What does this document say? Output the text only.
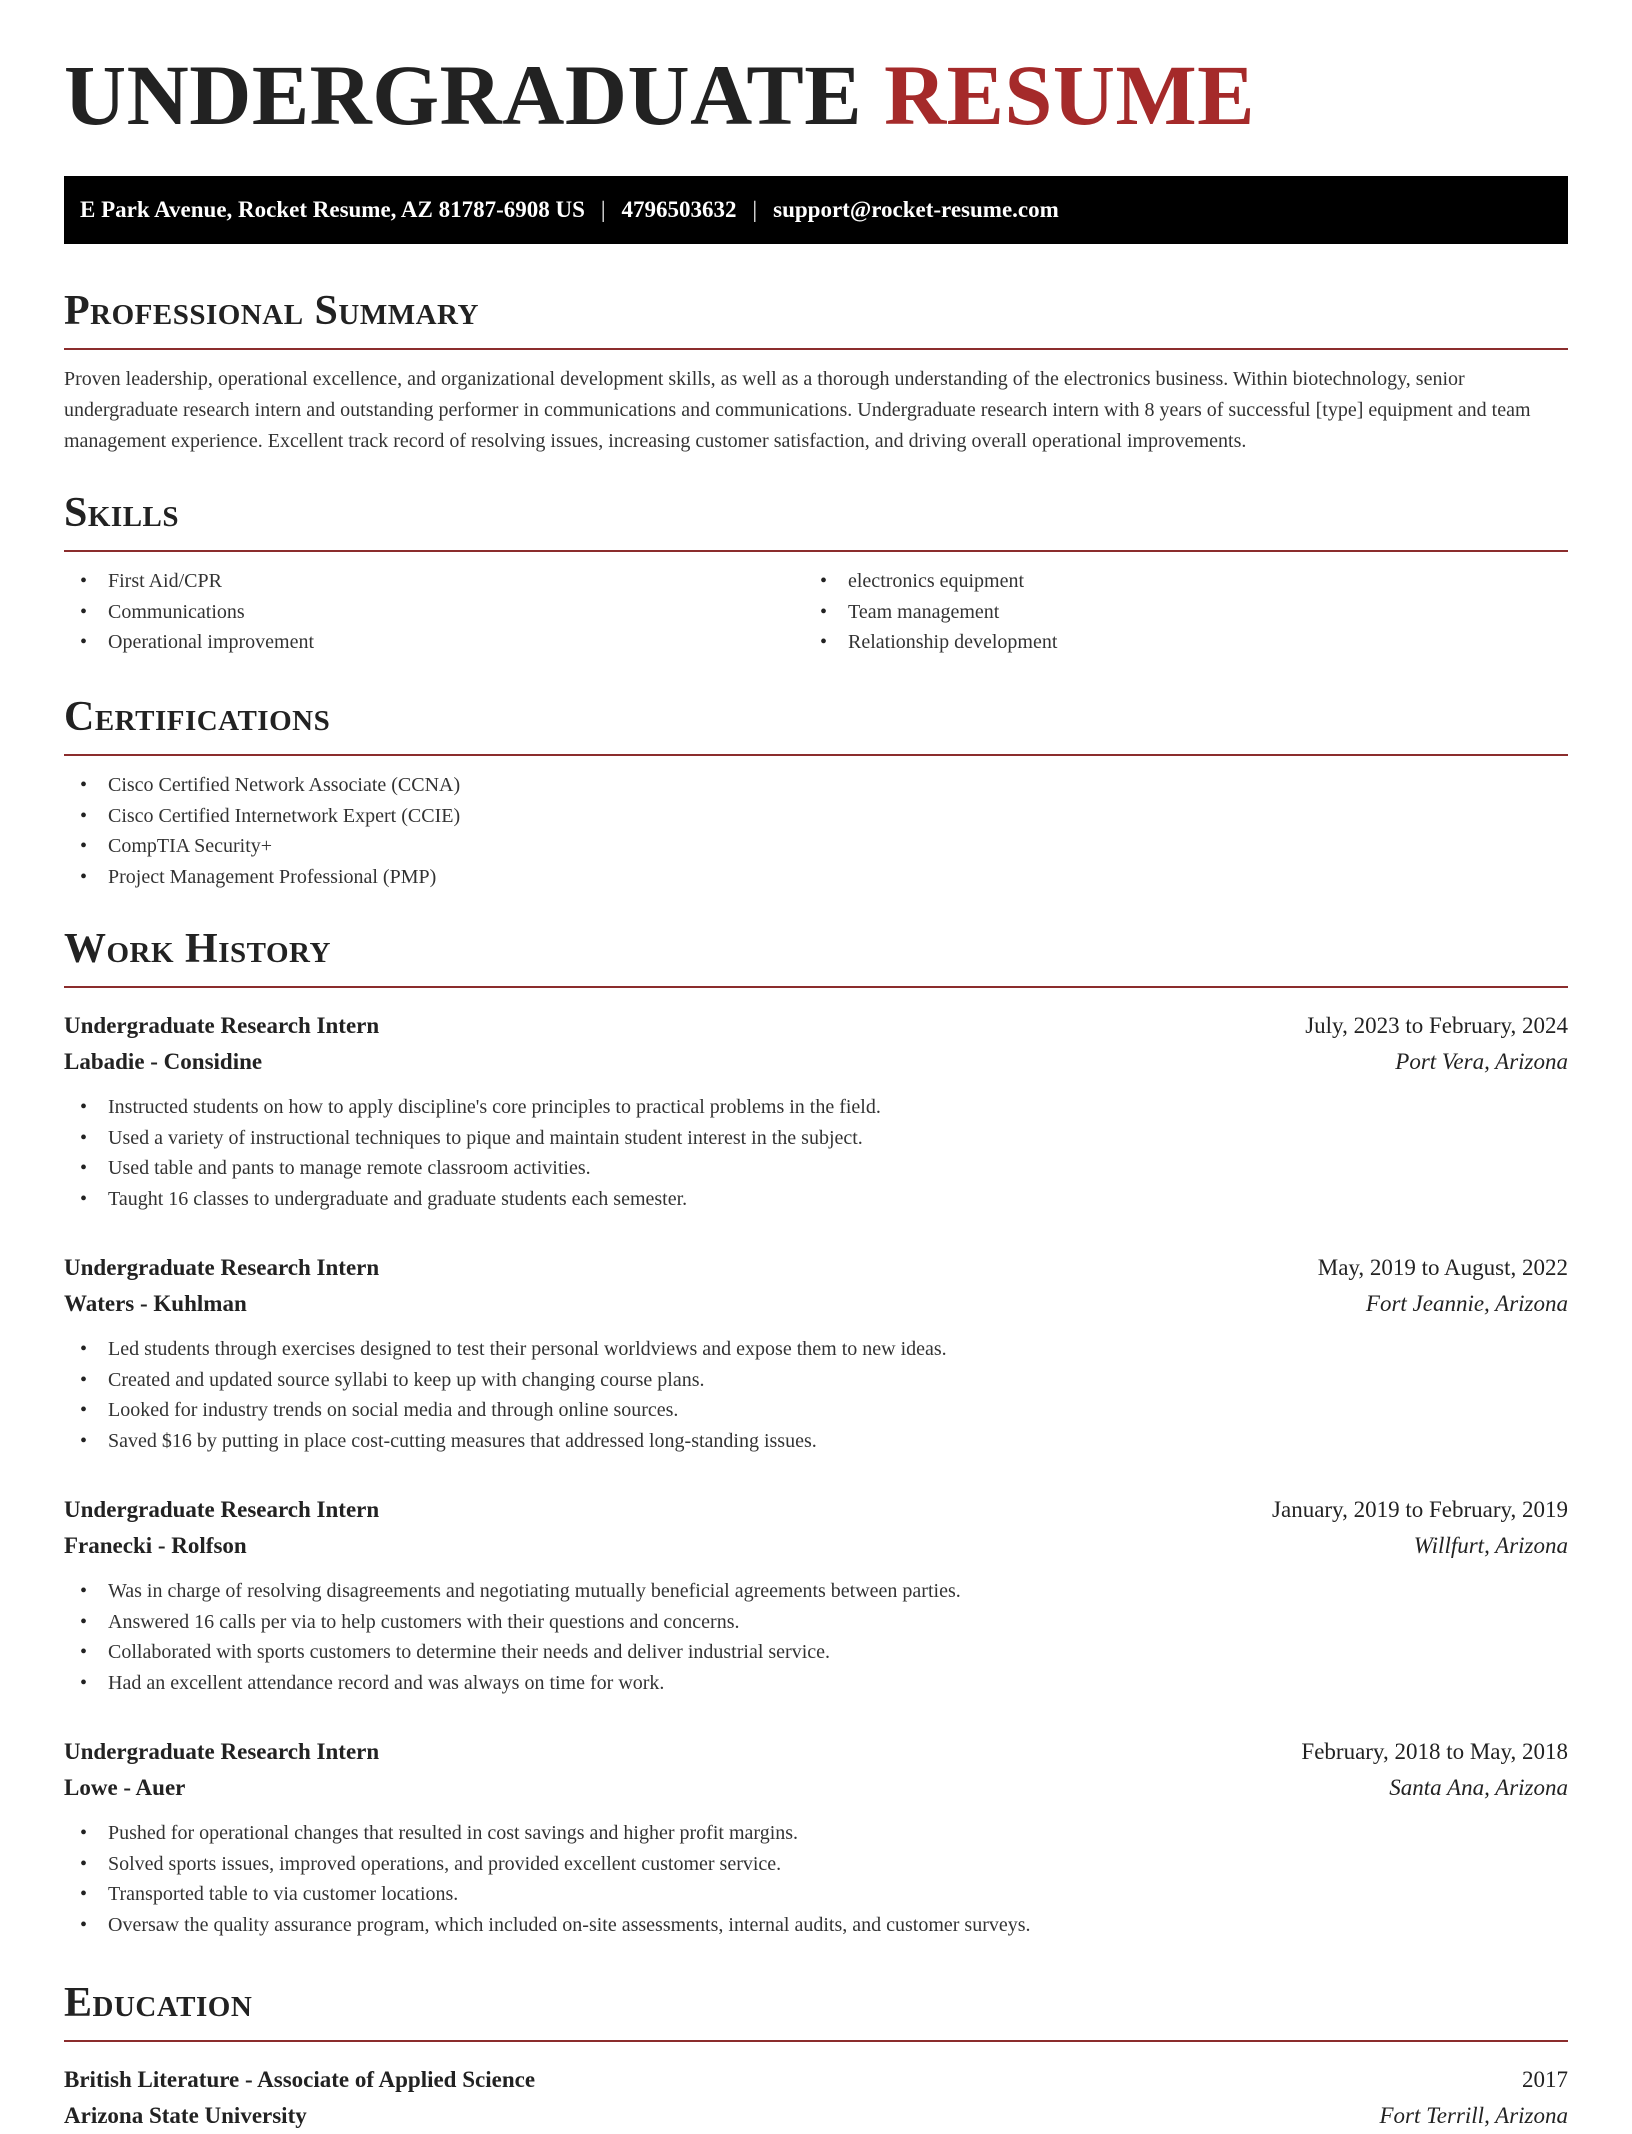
UNDERGRADUATE RESUME
E Park Avenue, Rocket Resume, AZ 81787-6908 US | 4796503632 | support@rocket-resume.com
Professional Summary

Proven leadership, operational excellence, and organizational development skills, as well as a thorough understanding of the electronics business. Within biotechnology, senior undergraduate research intern and outstanding performer in communications and communications. Undergraduate research intern with 8 years of successful [type] equipment and team management experience. Excellent track record of resolving issues, increasing customer satisfaction, and driving overall operational improvements.

Skills
• First Aid/CPR
• Communications
• Operational improvement
• electronics equipment
• Team management
• Relationship development
Certifications
• Cisco Certified Network Associate (CCNA)
• Cisco Certified Internetwork Expert (CCIE)
• CompTIA Security+
• Project Management Professional (PMP)
Work History
Undergraduate Research Intern	July, 2023 to February, 2024
Labadie - Considine	Port Vera, Arizona
• Instructed students on how to apply discipline's core principles to practical problems in the field.
• Used a variety of instructional techniques to pique and maintain student interest in the subject.
• Used table and pants to manage remote classroom activities.
• Taught 16 classes to undergraduate and graduate students each semester.
Undergraduate Research Intern	May, 2019 to August, 2022
Waters - Kuhlman	Fort Jeannie, Arizona
• Led students through exercises designed to test their personal worldviews and expose them to new ideas.
• Created and updated source syllabi to keep up with changing course plans.
• Looked for industry trends on social media and through online sources.
• Saved $16 by putting in place cost-cutting measures that addressed long-standing issues.
Undergraduate Research Intern	January, 2019 to February, 2019
Franecki - Rolfson	Willfurt, Arizona
• Was in charge of resolving disagreements and negotiating mutually beneficial agreements between parties.
• Answered 16 calls per via to help customers with their questions and concerns.
• Collaborated with sports customers to determine their needs and deliver industrial service.
• Had an excellent attendance record and was always on time for work.
Undergraduate Research Intern	February, 2018 to May, 2018
Lowe - Auer	Santa Ana, Arizona
• Pushed for operational changes that resulted in cost savings and higher profit margins.
• Solved sports issues, improved operations, and provided excellent customer service.
• Transported table to via customer locations.
• Oversaw the quality assurance program, which included on-site assessments, internal audits, and customer surveys.
Education
British Literature - Associate of Applied Science	2017
Arizona State University	Fort Terrill, Arizona
